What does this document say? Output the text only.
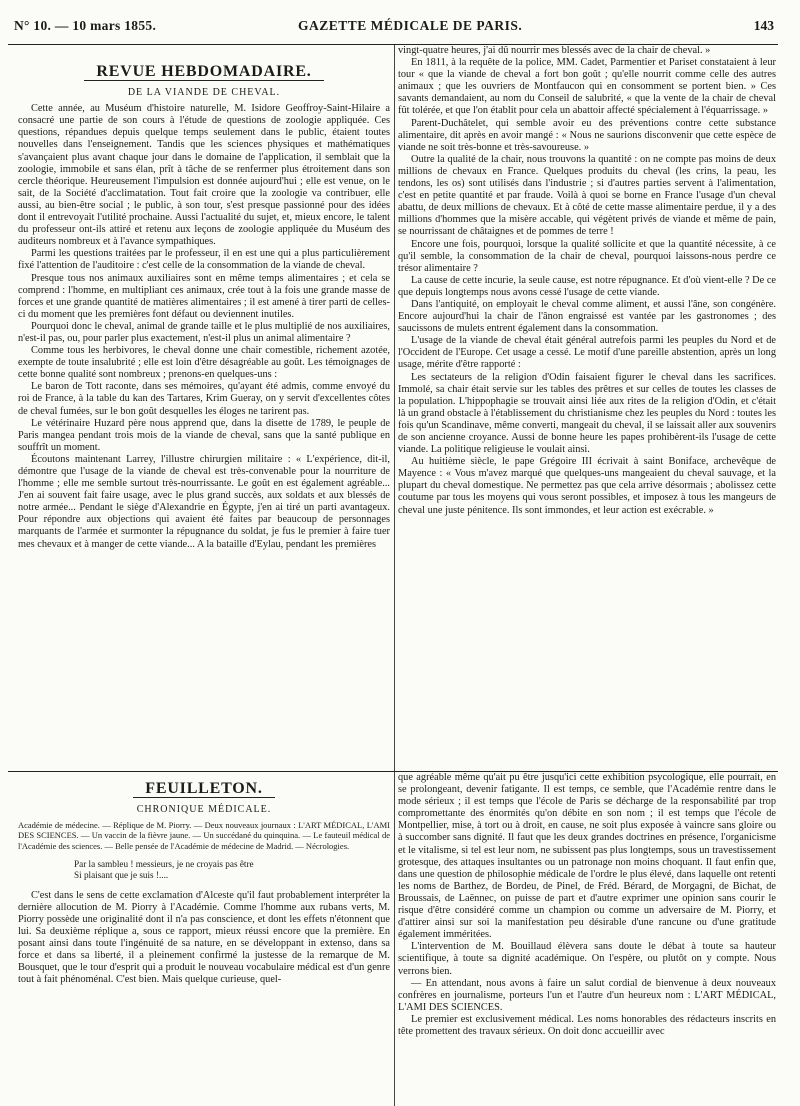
N° 10. — 10 mars 1855.	GAZETTE MÉDICALE DE PARIS.	143

REVUE HEBDOMADAIRE.

DE LA VIANDE DE CHEVAL.

Cette année, au Muséum d'histoire naturelle, M. Isidore Geoffroy-Saint-Hilaire a consacré une partie de son cours à l'étude de questions de zoologie appliquée. Ces questions, répandues depuis quelque temps seulement dans le public, étaient toutes nouvelles dans l'enseignement. Tandis que les sciences physiques et mathématiques s'avançaient plus avant chaque jour dans le domaine de l'application, il semblait que la zoologie, immobile et sans élan, prît à tâche de se renfermer plus étroitement dans son cercle théorique. Heureusement l'impulsion est donnée aujourd'hui ; elle est venue, on le sait, de la Société d'acclimatation. Tout fait croire que la zoologie va contribuer, elle aussi, au bien-être social ; le public, à son tour, s'est presque passionné pour des idées dont il entrevoyait l'utilité prochaine. Aussi l'actualité du sujet, et, mieux encore, le talent du professeur ont-ils attiré et retenu aux leçons de zoologie appliquée du Muséum des auditeurs nombreux et à l'avance sympathiques.

Parmi les questions traitées par le professeur, il en est une qui a plus particulièrement fixé l'attention de l'auditoire : c'est celle de la consommation de la viande de cheval.

Presque tous nos animaux auxiliaires sont en même temps alimentaires ; et cela se comprend : l'homme, en multipliant ces animaux, crée tout à la fois une grande masse de forces et une grande quantité de matières alimentaires ; il est amené à tirer parti de celles-ci du moment que les premières font défaut ou deviennent inutiles.

Pourquoi donc le cheval, animal de grande taille et le plus multiplié de nos auxiliaires, n'est-il pas, ou, pour parler plus exactement, n'est-il plus un animal alimentaire ?

Comme tous les herbivores, le cheval donne une chair comestible, richement azotée, exempte de toute insalubrité ; elle est loin d'être désagréable au goût. Les témoignages de cette bonne qualité sont nombreux ; prenons-en quelques-uns :

Le baron de Tott raconte, dans ses mémoires, qu'ayant été admis, comme envoyé du roi de France, à la table du kan des Tartares, Krim Gueray, on y servit d'excellentes côtes de cheval fumées, sur le bon goût desquelles les éloges ne tarirent pas.

Le vétérinaire Huzard père nous apprend que, dans la disette de 1789, le peuple de Paris mangea pendant trois mois de la viande de cheval, sans que la santé publique en souffrît un moment.

Écoutons maintenant Larrey, l'illustre chirurgien militaire : « L'expérience, dit-il, démontre que l'usage de la viande de cheval est très-convenable pour la nourriture de l'homme ; elle me semble surtout très-nourrissante. Le goût en est également agréable... J'en ai souvent fait faire usage, avec le plus grand succès, aux soldats et aux blessés de notre armée... Pendant le siège d'Alexandrie en Égypte, j'en ai tiré un parti avantageux. Pour répondre aux objections qui avaient été faites par beaucoup de personnages marquants de l'armée et surmonter la répugnance du soldat, je fus le premier à faire tuer mes chevaux et à manger de cette viande... A la bataille d'Eylau, pendant les premières

vingt-quatre heures, j'ai dû nourrir mes blessés avec de la chair de cheval. »

En 1811, à la requête de la police, MM. Cadet, Parmentier et Pariset constataient à leur tour « que la viande de cheval a fort bon goût ; qu'elle nourrit comme celle des autres animaux ; que les ouvriers de Montfaucon qui en consomment se portent bien. » Ces savants demandaient, au nom du Conseil de salubrité, « que la vente de la chair de cheval fût tolérée, et que l'on établit pour cela un abattoir affecté spécialement à l'équarrissage. »

Parent-Duchâtelet, qui semble avoir eu des préventions contre cette substance alimentaire, dit après en avoir mangé : « Nous ne saurions disconvenir que cette espèce de viande ne soit très-bonne et très-savoureuse. »

Outre la qualité de la chair, nous trouvons la quantité : on ne compte pas moins de deux millions de chevaux en France. Quelques produits du cheval (les crins, la peau, les tendons, les os) sont utilisés dans l'industrie ; si d'autres parties servent à l'alimentation, c'est en petite quantité et par fraude. Voilà à quoi se borne en France l'usage d'un cheval abattu, de deux millions de chevaux. Et à côté de cette masse alimentaire perdue, il y a des millions d'hommes que la misère accable, qui végètent privés de viande et même de pain, se nourrissant de châtaignes et de pommes de terre !

Encore une fois, pourquoi, lorsque la qualité sollicite et que la quantité nécessite, à ce qu'il semble, la consommation de la chair de cheval, pourquoi laissons-nous perdre ce trésor alimentaire ?

La cause de cette incurie, la seule cause, est notre répugnance. Et d'où vient-elle ? De ce que depuis longtemps nous avons cessé l'usage de cette viande.

Dans l'antiquité, on employait le cheval comme aliment, et aussi l'âne, son congénère. Encore aujourd'hui la chair de l'ânon engraissé est vantée par les gastronomes ; des saucissons de mulets entrent également dans la consommation.

L'usage de la viande de cheval était général autrefois parmi les peuples du Nord et de l'Occident de l'Europe. Cet usage a cessé. Le motif d'une pareille abstention, après un long usage, mérite d'être rapporté :

Les sectateurs de la religion d'Odin faisaient figurer le cheval dans les sacrifices. Immolé, sa chair était servie sur les tables des prêtres et sur celles de toutes les classes de la population. L'hippophagie se trouvait ainsi liée aux rites de la religion d'Odin, et c'était là un grand obstacle à l'établissement du christianisme chez les peuples du Nord : toutes les fois qu'un Scandinave, même converti, mangeait du cheval, il se laissait aller aux souvenirs de son ancienne croyance. Aussi de bonne heure les papes prohibèrent-ils l'usage de cette viande. La politique religieuse le voulait ainsi.

Au huitième siècle, le pape Grégoire III écrivait à saint Boniface, archevêque de Mayence : « Vous m'avez marqué que quelques-uns mangeaient du cheval sauvage, et la plupart du cheval domestique. Ne permettez pas que cela arrive désormais ; abolissez cette coutume par tous les moyens qui vous seront possibles, et imposez à tous les mangeurs de cheval une juste pénitence. Ils sont immondes, et leur action est exécrable. »

FEUILLETON.

CHRONIQUE MÉDICALE.

Académie de médecine. — Réplique de M. Piorry. — Deux nouveaux journaux : L'ART MÉDICAL, L'AMI DES SCIENCES. — Un vaccin de la fièvre jaune. — Un succédané du quinquina. — Le fauteuil médical de l'Académie des sciences. — Belle pensée de l'Académie de médecine de Madrid. — Nécrologies.

Par la sambleu ! messieurs, je ne croyais pas être
Si plaisant que je suis !....

C'est dans le sens de cette exclamation d'Alceste qu'il faut probablement interpréter la dernière allocution de M. Piorry à l'Académie. Comme l'homme aux rubans verts, M. Piorry possède une originalité dont il n'a pas conscience, et dont les effets n'étonnent que lui. Sa deuxième réplique a, sous ce rapport, mieux réussi encore que la première. En posant ainsi dans toute l'ingénuité de sa nature, en se développant in extenso, dans sa force et dans sa liberté, il a pleinement confirmé la justesse de la remarque de M. Bousquet, que le tour d'esprit qui a produit le nouveau vocabulaire médical est d'un genre tout à fait phénoménal. C'est bien. Mais quelque curieuse, quel-

que agréable même qu'ait pu être jusqu'ici cette exhibition psycologique, elle pourrait, en se prolongeant, devenir fatigante. Il est temps, ce semble, que l'Académie rentre dans le mode sérieux ; il est temps que l'école de Paris se décharge de la responsabilité par trop compromettante des énormités qu'on débite en son nom ; il est temps que l'école de Montpellier, mise, à tort ou à droit, en cause, ne soit plus exposée à vaincre sans gloire ou à succomber sans dignité. Il faut que les deux grandes doctrines en présence, l'organicisme et le vitalisme, si tel est leur nom, ne subissent pas plus longtemps, sous un travestissement grotesque, des attaques insultantes ou un patronage non moins choquant. Il faut enfin que, dans une question de philosophie médicale de l'ordre le plus élevé, dans laquelle ont retenti les noms de Barthez, de Bordeu, de Pinel, de Fréd. Bérard, de Morgagni, de Bichat, de Broussais, de Laënnec, on puisse de part et d'autre exprimer une opinion sans courir le risque d'être considéré comme un champion ou comme un adversaire de M. Piorry, et d'attirer ainsi sur soi la manifestation peu désirable d'une rancune ou d'une gratitude également imméritées.

L'intervention de M. Bouillaud élèvera sans doute le débat à toute sa hauteur scientifique, à toute sa dignité académique. On l'espère, ou plutôt on y compte. Nous verrons bien.

— En attendant, nous avons à faire un salut cordial de bienvenue à deux nouveaux confrères en journalisme, porteurs l'un et l'autre d'un heureux nom : L'ART MÉDICAL, L'AMI DES SCIENCES.

Le premier est exclusivement médical. Les noms honorables des rédacteurs inscrits en tête promettent des travaux sérieux. On doit donc accueillir avec
